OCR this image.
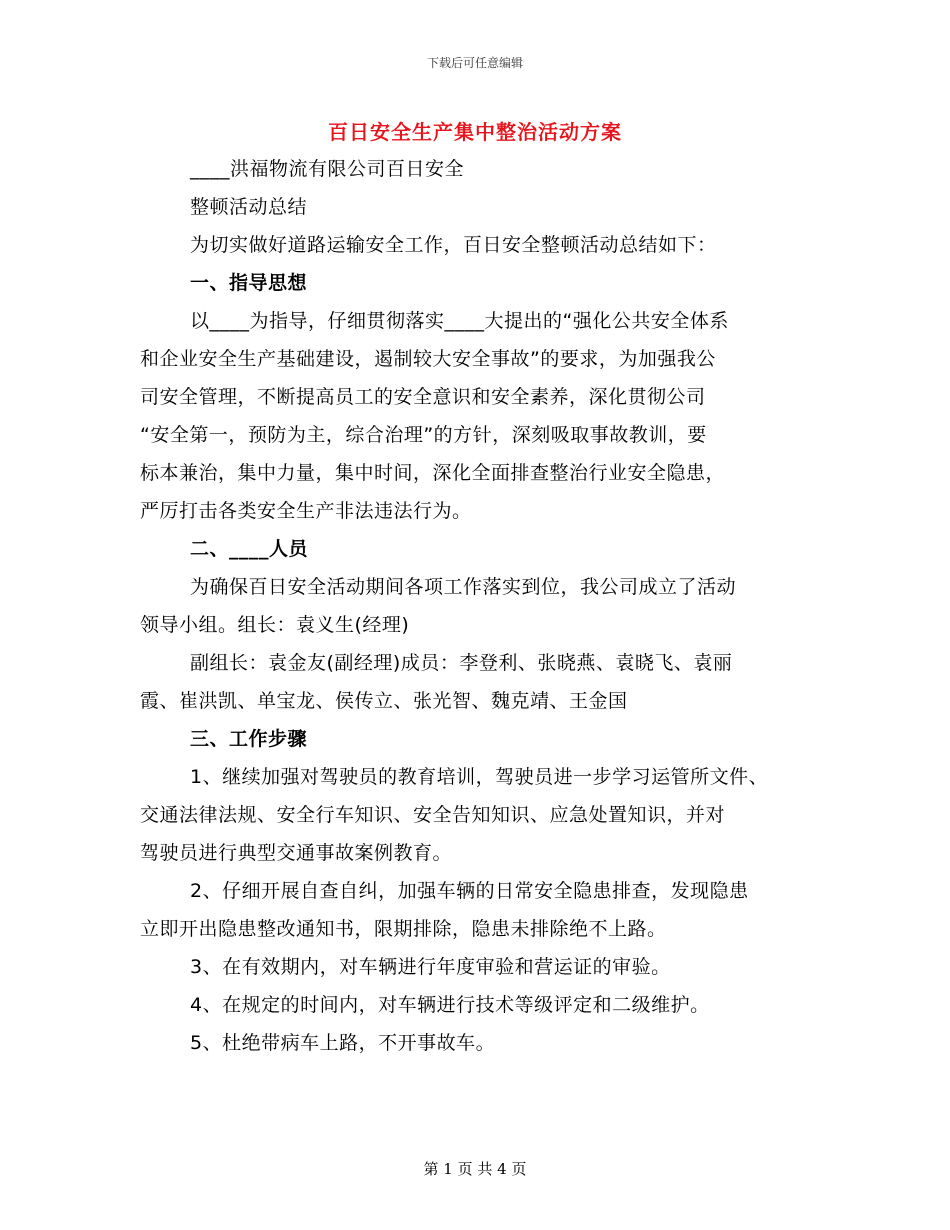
下载后可任意编辑
百日安全生产集中整治活动方案
____洪福物流有限公司百日安全
整顿活动总结
为切实做好道路运输安全工作，百日安全整顿活动总结如下：
一、指导思想
以____为指导，仔细贯彻落实____大提出的“强化公共安全体系
和企业安全生产基础建设，遏制较大安全事故”的要求，为加强我公
司安全管理，不断提高员工的安全意识和安全素养，深化贯彻公司
“安全第一，预防为主，综合治理”的方针，深刻吸取事故教训，要
标本兼治，集中力量，集中时间，深化全面排查整治行业安全隐患，
严厉打击各类安全生产非法违法行为。
二、____人员
为确保百日安全活动期间各项工作落实到位，我公司成立了活动
领导小组。组长：袁义生(经理)
副组长：袁金友(副经理)成员：李登利、张晓燕、袁晓飞、袁丽
霞、崔洪凯、单宝龙、侯传立、张光智、魏克靖、王金国
三、工作步骤
1、继续加强对驾驶员的教育培训，驾驶员进一步学习运管所文件、
交通法律法规、安全行车知识、安全告知知识、应急处置知识，并对
驾驶员进行典型交通事故案例教育。
2、仔细开展自查自纠，加强车辆的日常安全隐患排查，发现隐患
立即开出隐患整改通知书，限期排除，隐患未排除绝不上路。
3、在有效期内，对车辆进行年度审验和营运证的审验。
4、在规定的时间内，对车辆进行技术等级评定和二级维护。
5、杜绝带病车上路，不开事故车。
第 1 页 共 4 页
